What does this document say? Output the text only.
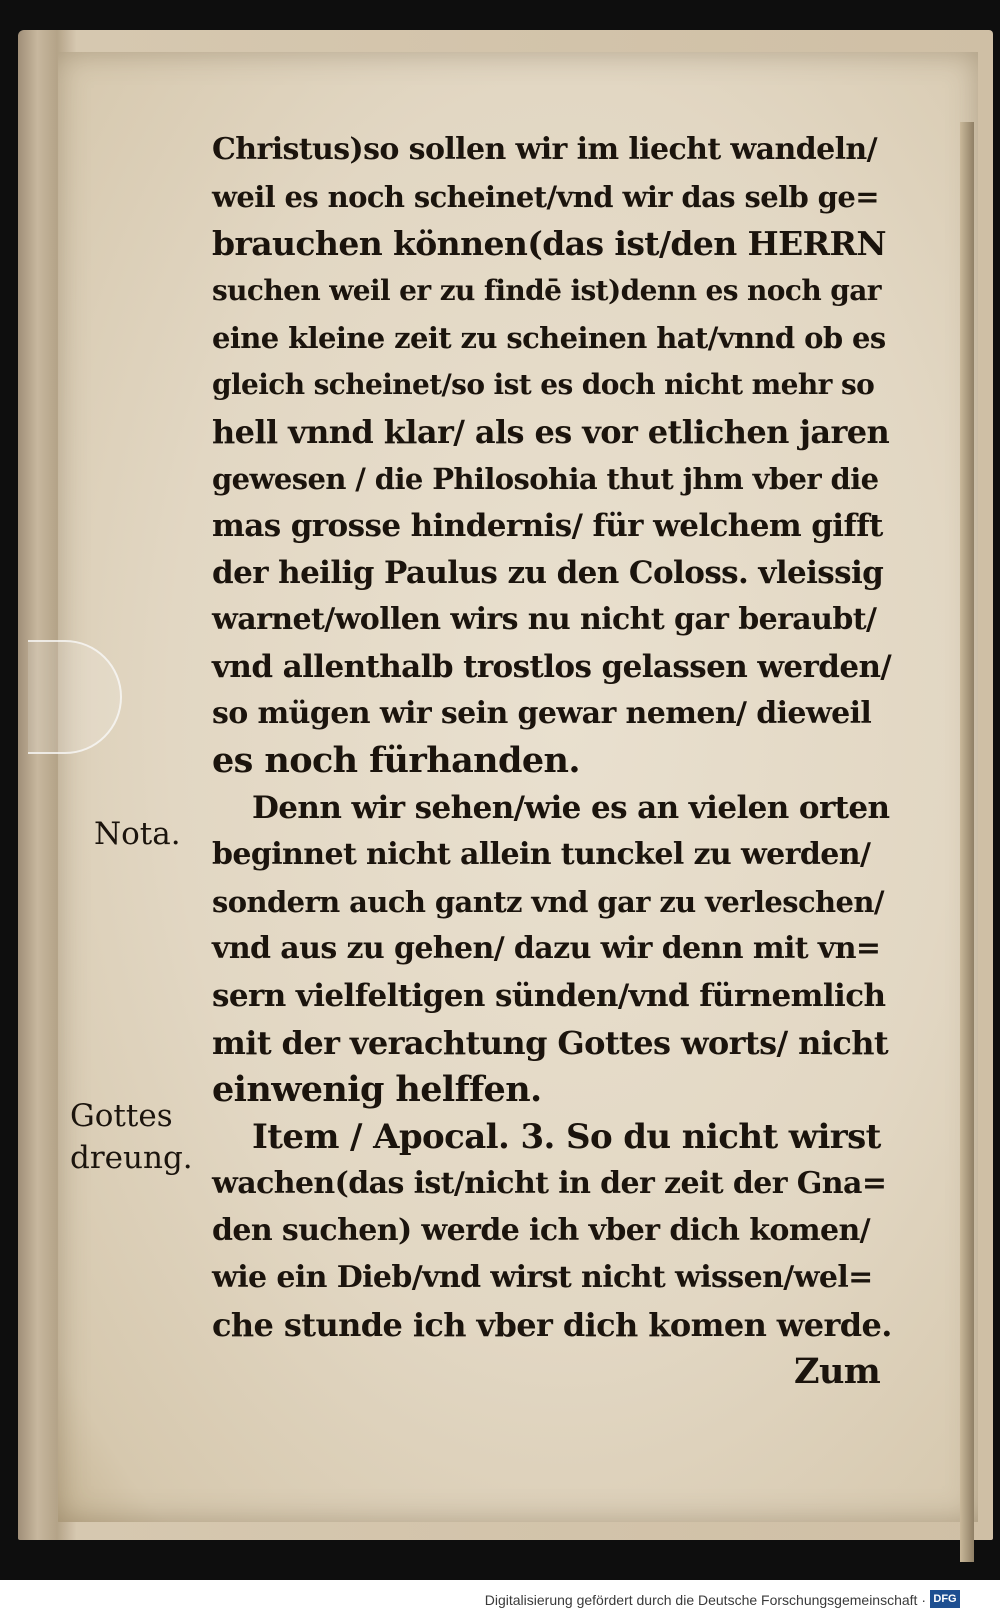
Christus)so sollen wir im liecht wandeln/
weil es noch scheinet/vnd wir das selb ge=
brauchen können(das ist/den HERRN
suchen weil er zu findē ist)denn es noch gar
eine kleine zeit zu scheinen hat/vnnd ob es
gleich scheinet/so ist es doch nicht mehr so
hell vnnd klar/ als es vor etlichen jaren
gewesen / die Philosohia thut jhm vber die
mas grosse hindernis/ für welchem gifft
der heilig Paulus zu den Coloss. vleissig
warnet/wollen wirs nu nicht gar beraubt/
vnd allenthalb trostlos gelassen werden/
so mügen wir sein gewar nemen/ dieweil
es noch fürhanden.
Denn wir sehen/wie es an vielen orten
beginnet nicht allein tunckel zu werden/
sondern auch gantz vnd gar zu verleschen/
vnd aus zu gehen/ dazu wir denn mit vn=
sern vielfeltigen sünden/vnd fürnemlich
mit der verachtung Gottes worts/ nicht
einwenig helffen.
Item / Apocal. 3. So du nicht wirst
wachen(das ist/nicht in der zeit der Gna=
den suchen) werde ich vber dich komen/
wie ein Dieb/vnd wirst nicht wissen/wel=
che stunde ich vber dich komen werde.
Zum
Nota.
Gottes
dreung.
Digitalisierung gefördert durch die Deutsche Forschungsgemeinschaft · DFG
